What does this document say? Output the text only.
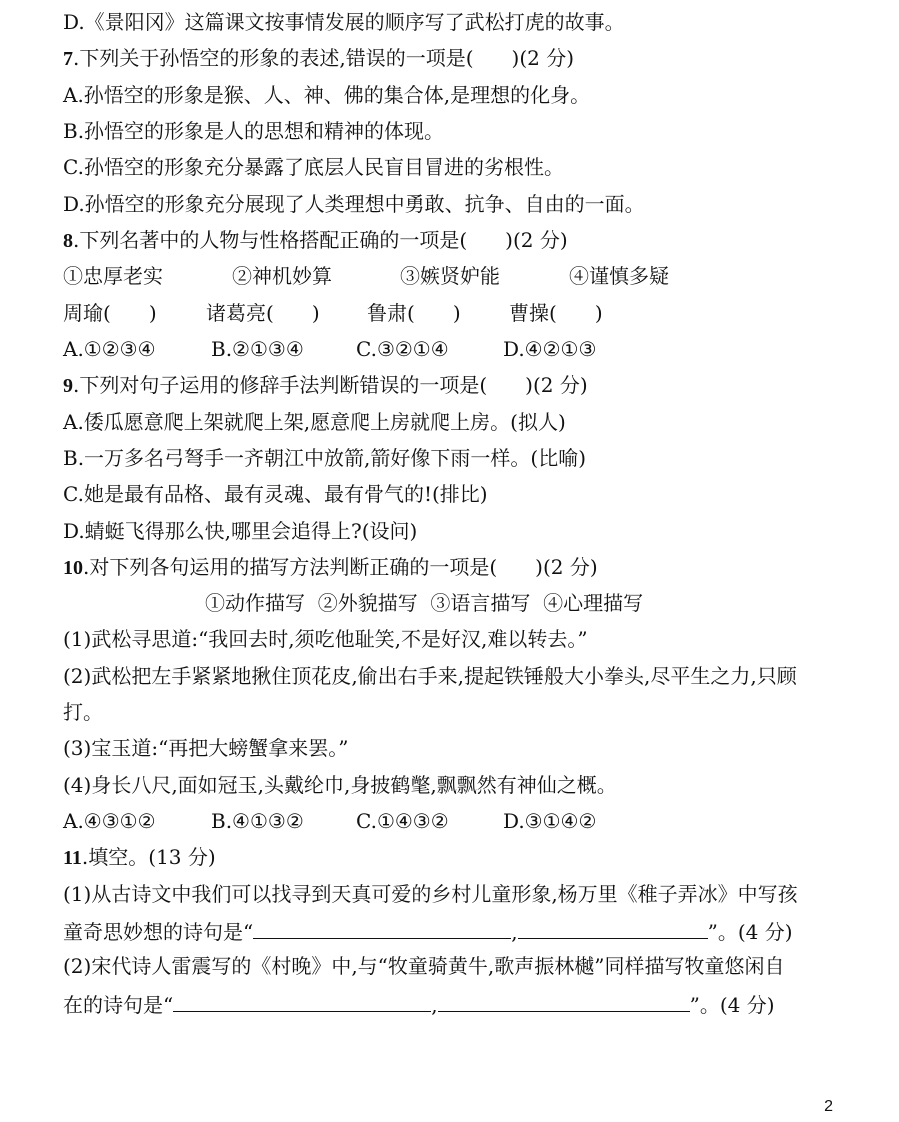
D.《景阳冈》这篇课文按事情发展的顺序写了武松打虎的故事。
7.下列关于孙悟空的形象的表述,错误的一项是( )(2 分)
A.孙悟空的形象是猴、人、神、佛的集合体,是理想的化身。
B.孙悟空的形象是人的思想和精神的体现。
C.孙悟空的形象充分暴露了底层人民盲目冒进的劣根性。
D.孙悟空的形象充分展现了人类理想中勇敢、抗争、自由的一面。
8.下列名著中的人物与性格搭配正确的一项是( )(2 分)
①忠厚老实	②神机妙算	③嫉贤妒能	④谨慎多疑
周瑜( ) 诸葛亮( ) 鲁肃( ) 曹操( )
A.①②③④	B.②①③④	C.③②①④	D.④②①③
9.下列对句子运用的修辞手法判断错误的一项是( )(2 分)
A.倭瓜愿意爬上架就爬上架,愿意爬上房就爬上房。(拟人)
B.一万多名弓弩手一齐朝江中放箭,箭好像下雨一样。(比喻)
C.她是最有品格、最有灵魂、最有骨气的!(排比)
D.蜻蜓飞得那么快,哪里会追得上?(设问)
10.对下列各句运用的描写方法判断正确的一项是( )(2 分)
①动作描写  ②外貌描写  ③语言描写  ④心理描写
(1)武松寻思道:“我回去时,须吃他耻笑,不是好汉,难以转去。”
(2)武松把左手紧紧地揪住顶花皮,偷出右手来,提起铁锤般大小拳头,尽平生之力,只顾
打。
(3)宝玉道:“再把大螃蟹拿来罢。”
(4)身长八尺,面如冠玉,头戴纶巾,身披鹤氅,飘飘然有神仙之概。
A.④③①②	B.④①③②	C.①④③②	D.③①④②
11.填空。(13 分)
(1)从古诗文中我们可以找寻到天真可爱的乡村儿童形象,杨万里《稚子弄冰》中写孩
童奇思妙想的诗句是“	,	”。(4 分)
(2)宋代诗人雷震写的《村晚》中,与“牧童骑黄牛,歌声振林樾”同样描写牧童悠闲自
在的诗句是“	,	”。(4 分)
2
